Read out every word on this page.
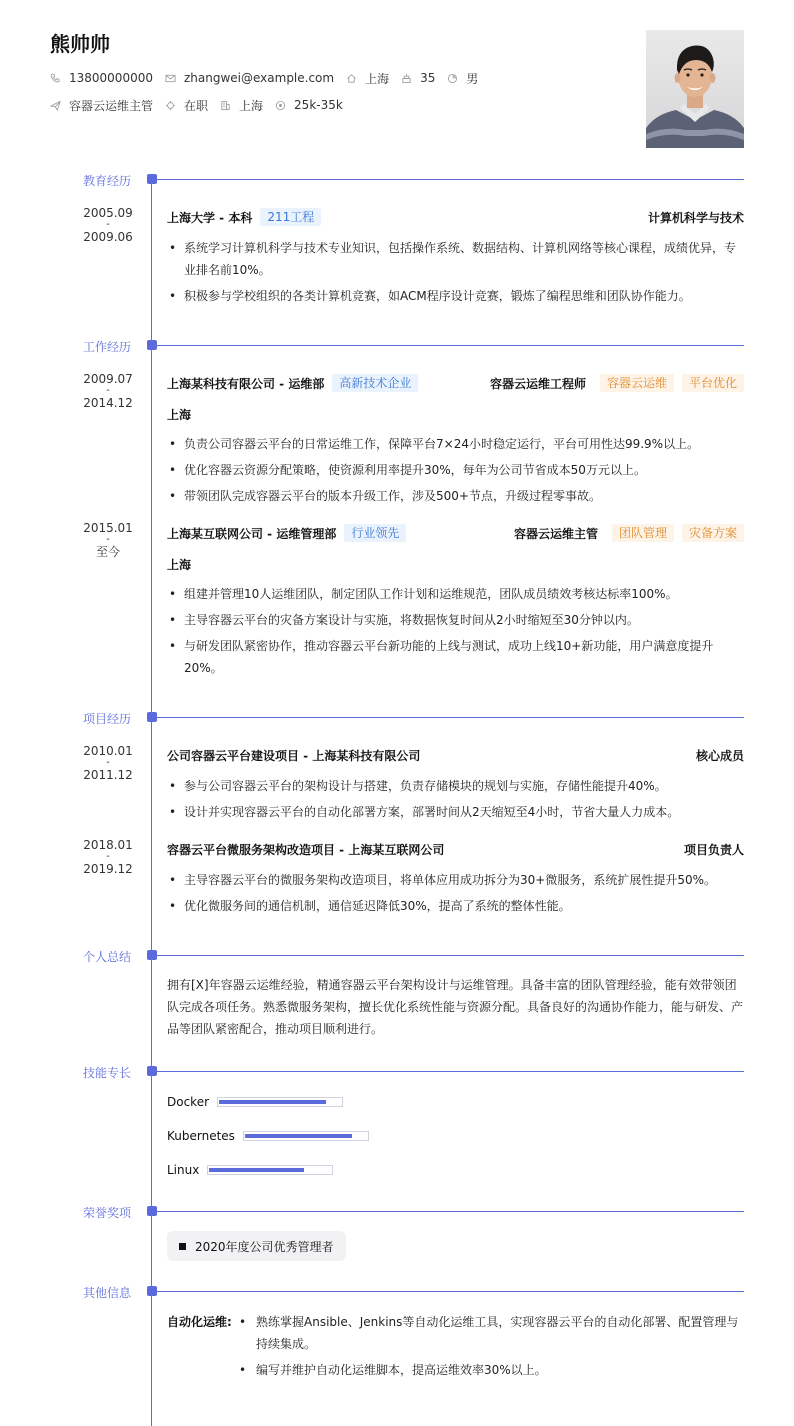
熊帅帅
13800000000	zhangwei@example.com	上海	35	男
容器云运维主管	在职	上海	25k-35k
教育经历
2005.09
-
2009.06
上海大学 - 本科	211工程	计算机科学与技术
• 系统学习计算机科学与技术专业知识，包括操作系统、数据结构、计算机网络等核心课程，成绩优异，专业排名前10%。
• 积极参与学校组织的各类计算机竞赛，如ACM程序设计竞赛，锻炼了编程思维和团队协作能力。
工作经历
2009.07
-
2014.12
上海某科技有限公司 - 运维部	高新技术企业	容器云运维工程师	容器云运维	平台优化
上海
• 负责公司容器云平台的日常运维工作，保障平台7×24小时稳定运行，平台可用性达99.9%以上。
• 优化容器云资源分配策略，使资源利用率提升30%，每年为公司节省成本50万元以上。
• 带领团队完成容器云平台的版本升级工作，涉及500+节点，升级过程零事故。
2015.01
-
至今
上海某互联网公司 - 运维管理部	行业领先	容器云运维主管	团队管理	灾备方案
上海
• 组建并管理10人运维团队，制定团队工作计划和运维规范，团队成员绩效考核达标率100%。
• 主导容器云平台的灾备方案设计与实施，将数据恢复时间从2小时缩短至30分钟以内。
• 与研发团队紧密协作，推动容器云平台新功能的上线与测试，成功上线10+新功能，用户满意度提升20%。
项目经历
2010.01
-
2011.12
公司容器云平台建设项目 - 上海某科技有限公司	核心成员
• 参与公司容器云平台的架构设计与搭建，负责存储模块的规划与实施，存储性能提升40%。
• 设计并实现容器云平台的自动化部署方案，部署时间从2天缩短至4小时，节省大量人力成本。
2018.01
-
2019.12
容器云平台微服务架构改造项目 - 上海某互联网公司	项目负责人
• 主导容器云平台的微服务架构改造项目，将单体应用成功拆分为30+微服务，系统扩展性提升50%。
• 优化微服务间的通信机制，通信延迟降低30%，提高了系统的整体性能。
个人总结
拥有[X]年容器云运维经验，精通容器云平台架构设计与运维管理。具备丰富的团队管理经验，能有效带领团队完成各项任务。熟悉微服务架构，擅长优化系统性能与资源分配。具备良好的沟通协作能力，能与研发、产品等团队紧密配合，推动项目顺利进行。
技能专长
Docker
Kubernetes
Linux
荣誉奖项
2020年度公司优秀管理者
其他信息
自动化运维:
•	熟练掌握Ansible、Jenkins等自动化运维工具，实现容器云平台的自动化部署、配置管理与持续集成。
• 编写并维护自动化运维脚本，提高运维效率30%以上。
